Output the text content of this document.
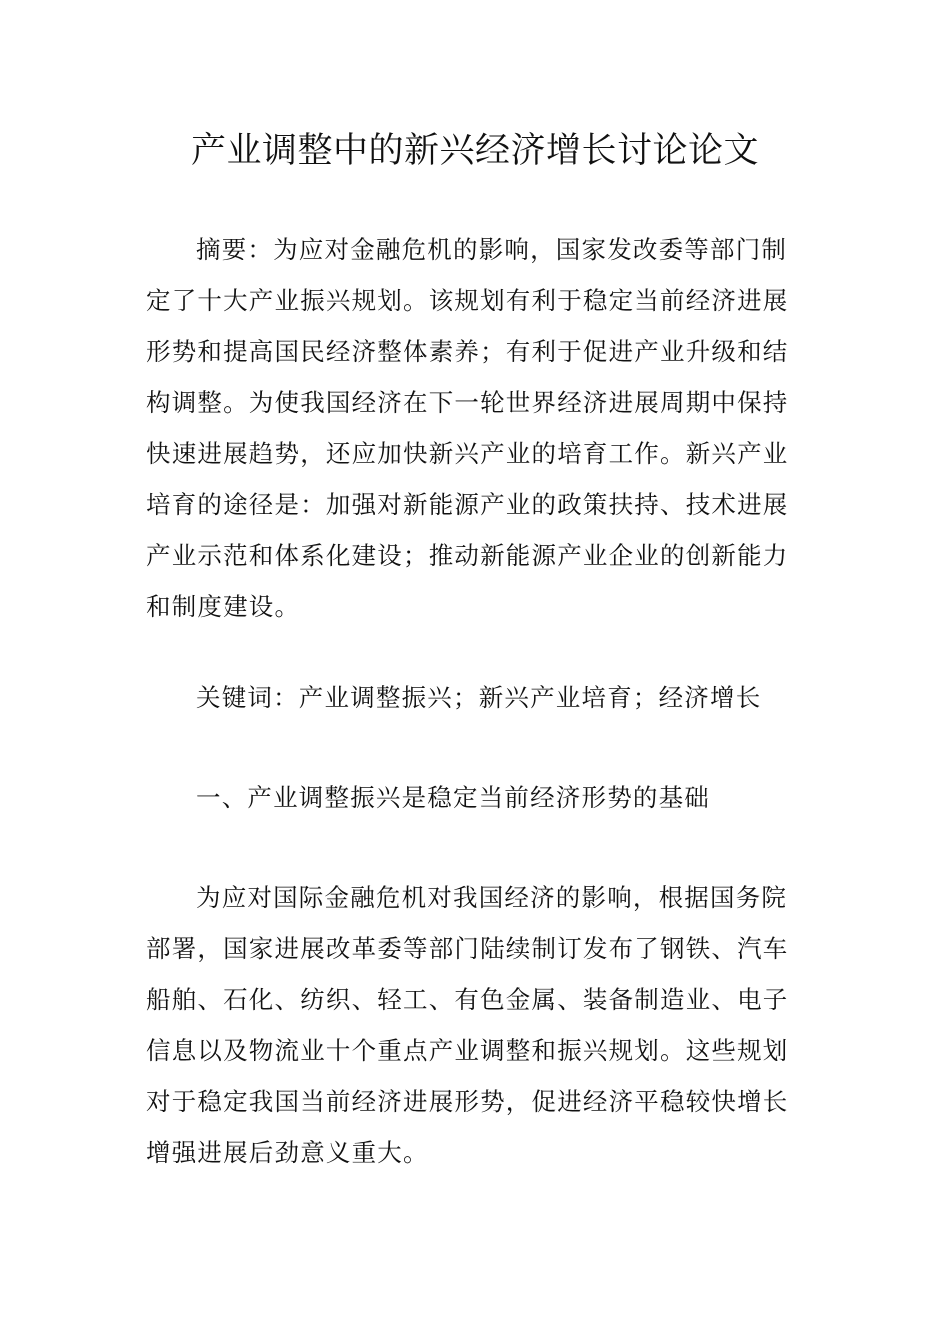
产业调整中的新兴经济增长讨论论文
摘要：为应对金融危机的影响，国家发改委等部门制
定了十大产业振兴规划。该规划有利于稳定当前经济进展
形势和提高国民经济整体素养；有利于促进产业升级和结
构调整。为使我国经济在下一轮世界经济进展周期中保持
快速进展趋势，还应加快新兴产业的培育工作。新兴产业
培育的途径是：加强对新能源产业的政策扶持、技术进展
产业示范和体系化建设；推动新能源产业企业的创新能力
和制度建设。
关键词：产业调整振兴；新兴产业培育；经济增长
一、产业调整振兴是稳定当前经济形势的基础
为应对国际金融危机对我国经济的影响，根据国务院
部署，国家进展改革委等部门陆续制订发布了钢铁、汽车
船舶、石化、纺织、轻工、有色金属、装备制造业、电子
信息以及物流业十个重点产业调整和振兴规划。这些规划
对于稳定我国当前经济进展形势，促进经济平稳较快增长
增强进展后劲意义重大。
